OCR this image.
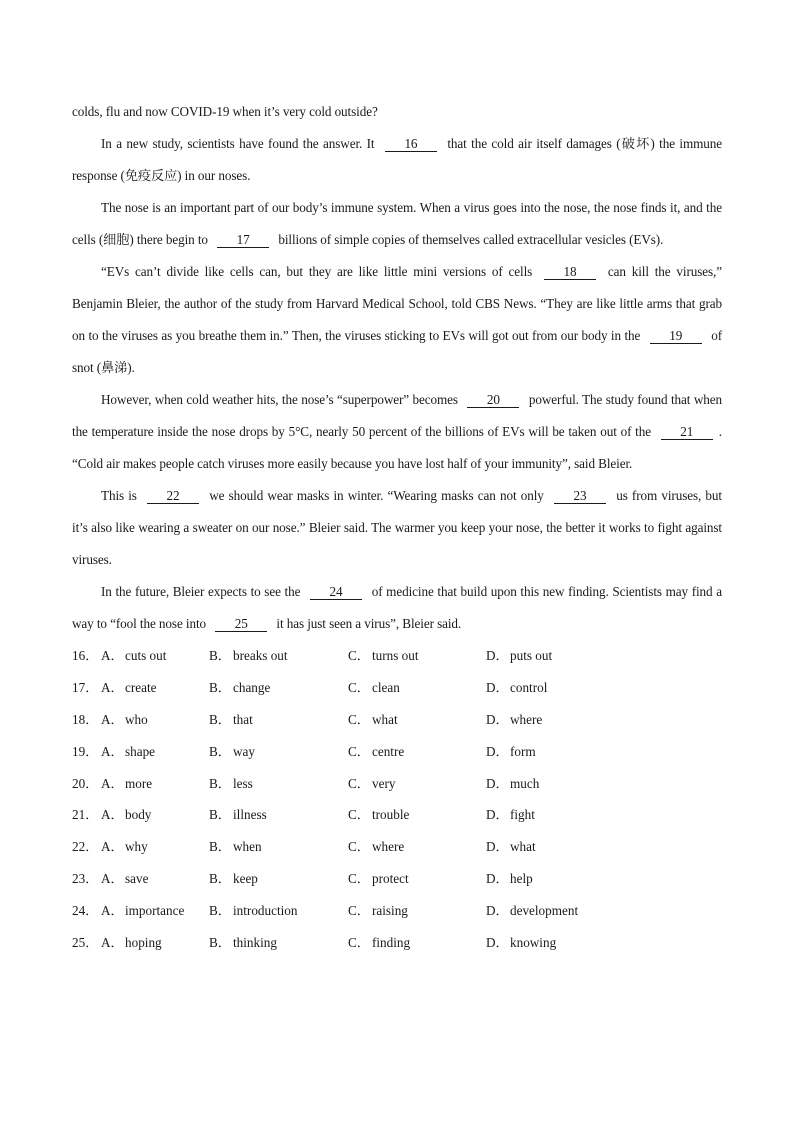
colds, flu and now COVID-19 when it’s very cold outside?

In a new study, scientists have found the answer. It 16 that the cold air itself damages (破坏) the immune response (免疫反应) in our noses.

The nose is an important part of our body’s immune system. When a virus goes into the nose, the nose finds it, and the cells (细胞) there begin to 17 billions of simple copies of themselves called extracellular vesicles (EVs).

“EVs can’t divide like cells can, but they are like little mini versions of cells 18 can kill the viruses,” Benjamin Bleier, the author of the study from Harvard Medical School, told CBS News. “They are like little arms that grab on to the viruses as you breathe them in.” Then, the viruses sticking to EVs will got out from our body in the 19 of snot (鼻涕).

However, when cold weather hits, the nose’s “superpower” becomes 20 powerful. The study found that when the temperature inside the nose drops by 5°C, nearly 50 percent of the billions of EVs will be taken out of the 21 . “Cold air makes people catch viruses more easily because you have lost half of your immunity”, said Bleier.

This is 22 we should wear masks in winter. “Wearing masks can not only 23 us from viruses, but it’s also like wearing a sweater on our nose.” Bleier said. The warmer you keep your nose, the better it works to fight against viruses.

In the future, Bleier expects to see the 24 of medicine that build upon this new finding. Scientists may find a way to “fool the nose into 25 it has just seen a virus”, Bleier said.

16． A． cuts out	B． breaks out	C． turns out	D． puts out
17． A． create	B． change	C． clean	D． control
18． A． who	B． that	C． what	D． where
19． A． shape	B． way	C． centre	D． form
20． A． more	B． less	C． very	D． much
21． A． body	B． illness	C． trouble	D． fight
22． A． why	B． when	C． where	D． what
23． A． save	B． keep	C． protect	D． help
24． A． importance B． introduction	C． raising	D． development
25． A． hoping	B． thinking	C． finding	D． knowing
